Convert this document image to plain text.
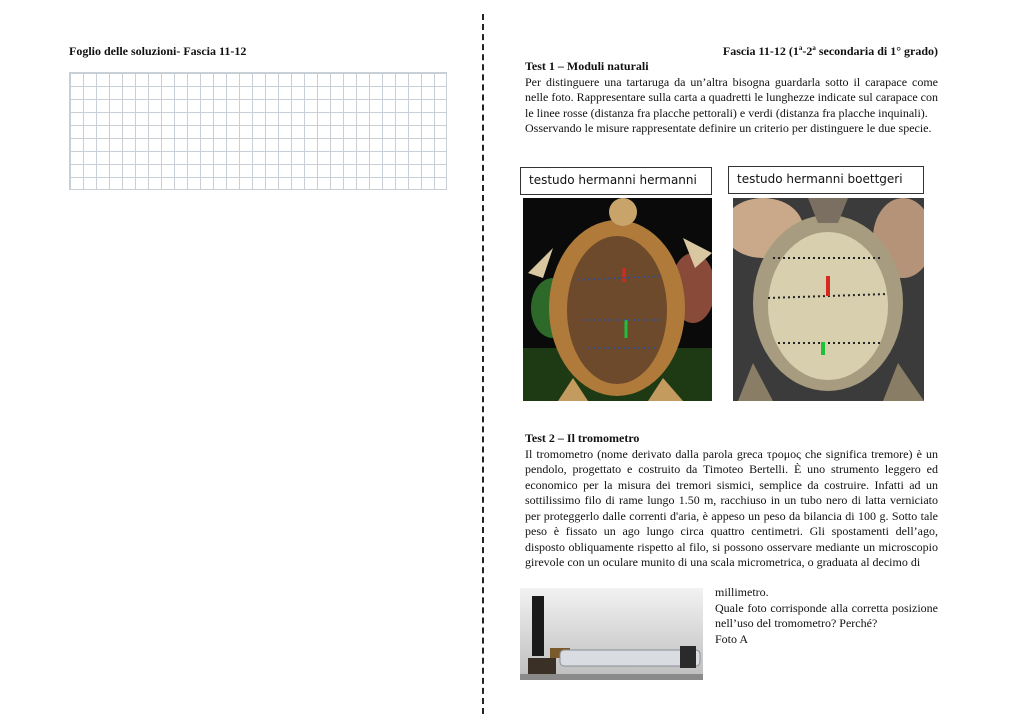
Foglio delle soluzioni- Fascia 11-12	Fascia 11-12 (1$^a$-2$^a$ secondaria di 1° grado)
Test 1 – Moduli naturali
Per distinguere una tartaruga da un’altra bisogna guardarla sotto il carapace come nelle foto. Rappresentare sulla carta a quadretti le lunghezze indicate sul carapace con le linee rosse (distanza fra placche pettorali) e verdi (distanza fra placche inquinali).
Osservando le misure rappresentate definire un criterio per distinguere le due specie.
testudo hermanni hermanni	testudo hermanni boettgeri
Test 2 – Il tromometro
Il tromometro (nome derivato dalla parola greca τρομος che significa tremore) è un pendolo, progettato e costruito da Timoteo Bertelli. È uno strumento leggero ed economico per la misura dei tremori sismici, semplice da costruire. Infatti ad un sottilissimo filo di rame lungo 1.50 m, racchiuso in un tubo nero di latta verniciato per proteggerlo dalle correnti d'aria, è appeso un peso da bilancia di 100 g. Sotto tale peso è fissato un ago lungo circa quattro centimetri. Gli spostamenti dell’ago, disposto obliquamente rispetto al filo, si possono osservare mediante un microscopio girevole con un oculare munito di una scala micrometrica, o graduata al decimo di
millimetro.
Quale foto corrisponde alla corretta posizione nell’uso del tromometro? Perché?
Foto A
